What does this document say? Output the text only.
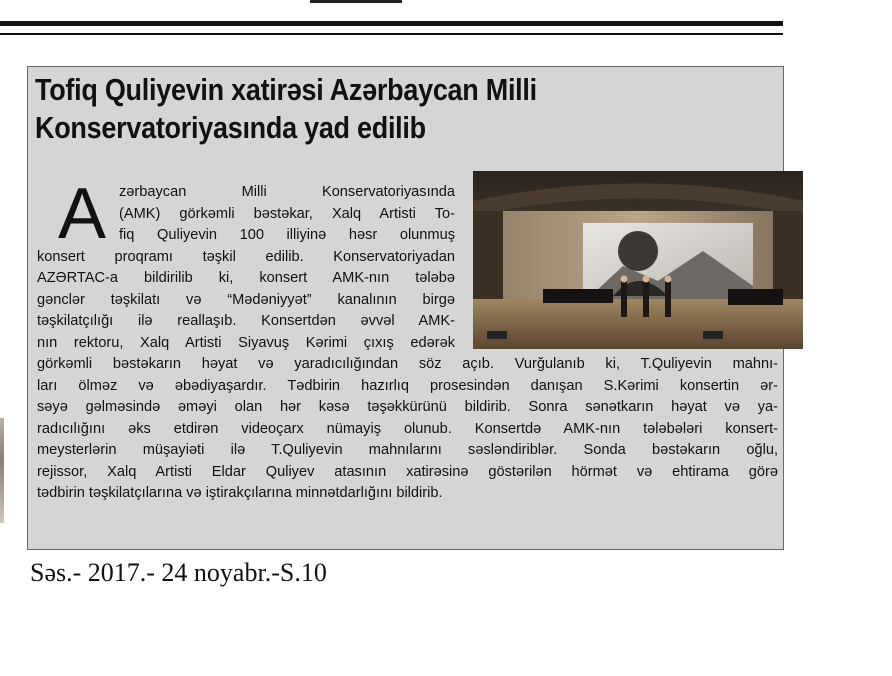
Tofiq Quliyevin xatirəsi Azərbaycan Milli
Konservatoriyasında yad edilib
A zərbaycan Milli Konservatoriyasında
(AMK) görkəmli bəstəkar, Xalq Artisti To-
fiq Quliyevin 100 illiyinə həsr olunmuş
konsert proqramı təşkil edilib. Konservatoriyadan
AZƏRTAC-a bildirilib ki, konsert AMK-nın tələbə
gənclər təşkilatı və “Mədəniyyət” kanalının birgə
təşkilatçılığı ilə reallaşıb. Konsertdən əvvəl AMK-
nın rektoru, Xalq Artisti Siyavuş Kərimi çıxış edərək
görkəmli bəstəkarın həyat və yaradıcılığından söz açıb. Vurğulanıb ki, T.Quliyevin mahnı-
ları ölməz və əbədiyaşardır. Tədbirin hazırlıq prosesindən danışan S.Kərimi konsertin ər-
səyə gəlməsində əməyi olan hər kəsə təşəkkürünü bildirib. Sonra sənətkarın həyat və ya-
radıcılığını əks etdirən videoçarx nümayiş olunub. Konsertdə AMK-nın tələbələri konsert-
meysterlərin müşayiəti ilə T.Quliyevin mahnılarını səsləndiriblər. Sonda bəstəkarın oğlu,
rejissor, Xalq Artisti Eldar Quliyev atasının xatirəsinə göstərilən hörmət və ehtirama görə
tədbirin təşkilatçılarına və iştirakçılarına minnətdarlığını bildirib.
Səs.- 2017.- 24 noyabr.-S.10
